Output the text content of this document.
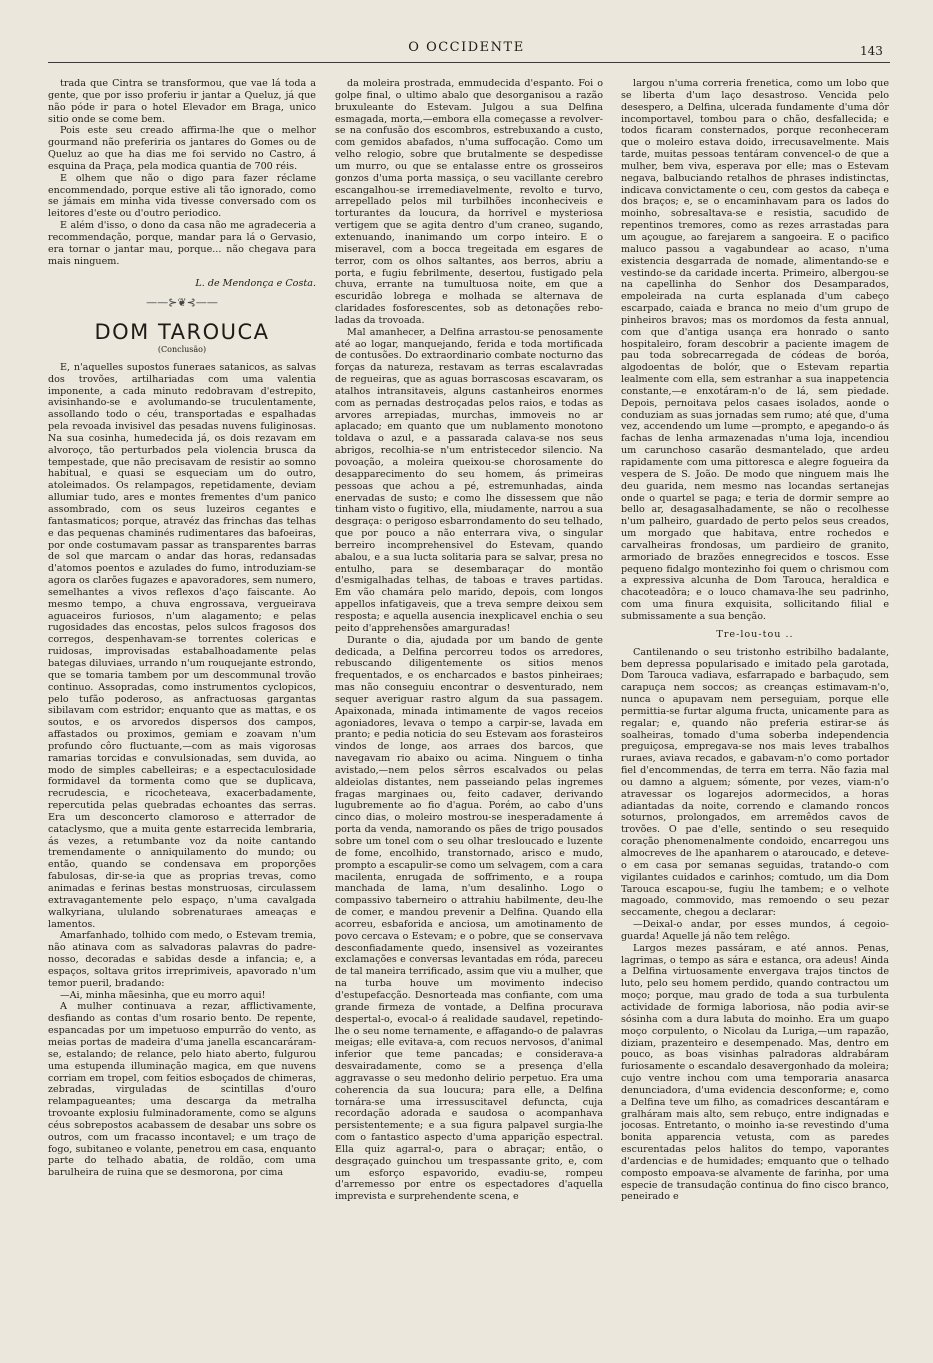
O OCCIDENTE	143

trada que Cintra se transformou, que vae lá toda a gente, que por isso proferiu ir jantar a Queluz, já que não póde ir para o hotel Elevador em Braga, unico sitio onde se come bem.

Pois este seu creado affirma-lhe que o melhor gourmand não preferiria os jantares do Gomes ou de Queluz ao que ha dias me foi servido no Castro, á esquina da Praça, pela modica quantia de 700 réis.

E olhem que não o digo para fazer réclame encommendado, porque estive ali tão ignorado, como se jámais em minha vida tivesse conversado com os leitores d'este ou d'outro periodico.

E além d'isso, o dono da casa não me agradeceria a recommendação, porque, mandar para lá o Gervasio, era tornar o jantar mau, porque... não chegava para mais ninguem.

L. de Mendonça e Costa.

——⊱❦⊰——
DOM TAROUCA
(Conclusão)

E, n'aquelles supostos funeraes satanicos, as salvas dos trovões, artilhariadas com uma valentia imponente, a cada minuto redobravam d'estrepito, avisinhando-se e avolumando-se truculentamente, assollando todo o céu, transportadas e espalhadas pela revoada invisivel das pesadas nuvens fuliginosas. Na sua cosinha, humedecida já, os dois rezavam em alvoroço, tão perturbados pela violencia brusca da tempestade, que não precisavam de resistir ao somno habitual, e quasi se esqueciam um do outro, atoleimados. Os relampagos, repetidamente, deviam allumiar tudo, ares e montes frementes d'um panico assombrado, com os seus luzeiros cegantes e fantasmaticos; porque, atravéz das frinchas das telhas e das pequenas chaminés rudimentares das bafoeiras, por onde costumavam passar as transparentes barras de sol que marcam o andar das horas, redansadas d'atomos poentos e azulades do fumo, introduziam-se agora os clarões fugazes e apavoradores, sem numero, semelhantes a vivos reflexos d'aço faiscante. Ao mesmo tempo, a chuva engrossava, vergueirava aguaceiros furiosos, n'um alagamento; e pelas rugosidades das encostas, pelos sulcos fragosos dos corregos, despenhavam-se torrentes colericas e ruidosas, improvisadas estabalhoadamente pelas bategas diluviaes, urrando n'um rouquejante estrondo, que se tomaria tambem por um descommunal trovão continuo. Assopradas, como instrumentos cyclopicos, pelo tufão poderoso, as anfractuosas gargantas sibilavam com estridor; enquanto que as mattas, e os soutos, e os arvoredos dispersos dos campos, affastados ou proximos, gemiam e zoavam n'um profundo côro fluctuante,—com as mais vigorosas ramarias torcidas e convulsionadas, sem duvida, ao modo de simples cabelleiras; e a espectaculosidade formidavel da tormenta como que se duplicava, recrudescia, e ricocheteava, exacerbadamente, repercutida pelas quebradas echoantes das serras. Era um desconcerto clamoroso e atterrador de cataclysmo, que a muita gente estarrecida lembraria, ás vezes, a retumbante voz da noite cantando tremendamente o anniquilamento do mundo; ou então, quando se condensava em proporções fabulosas, dir-se-ia que as proprias trevas, como animadas e ferinas bestas monstruosas, circulassem extravagantemente pelo espaço, n'uma cavalgada walkyriana, ululando sobrenaturaes ameaças e lamentos.

Amarfanhado, tolhido com medo, o Estevam tremia, não atinava com as salvadoras palavras do padre-nosso, decoradas e sabidas desde a infancia; e, a espaços, soltava gritos irreprimiveis, apavorado n'um temor pueril, bradando:

—Ai, minha mãesinha, que eu morro aqui!

A mulher continuava a rezar, afflictivamente, desfiando as contas d'um rosario bento. De repente, espancadas por um impetuoso empurrão do vento, as meias portas de madeira d'uma janella escancaráram-se, estalando; de relance, pelo hiato aberto, fulgurou uma estupenda illuminação magica, em que nuvens corriam em tropel, com feitios esboçados de chimeras, zebradas, virguladas de scintillas d'ouro relampagueantes; uma descarga da metralha trovoante explosiu fulminadoramente, como se alguns céus sobrepostos acabassem de desabar uns sobre os outros, com um fracasso incontavel; e um traço de fogo, subitaneo e volante, penetrou em casa, enquanto parte do telhado abatia, de roldão, com uma barulheira de ruina que se desmorona, por cima

da moleira prostrada, emmudecida d'espanto. Foi o golpe final, o ultimo abalo que desorganisou a razão bruxuleante do Estevam. Julgou a sua Delfina esmagada, morta,—embora ella começasse a revolver-se na confusão dos escombros, estrebuxando a custo, com gemidos abafados, n'uma suffocação. Como um velho relogio, sobre que brutalmente se despedisse um murro, ou que se entalasse entre os grosseiros gonzos d'uma porta massiça, o seu vacillante cerebro escangalhou-se irremediavelmente, revolto e turvo, arrepellado pelos mil turbilhões inconheciveis e torturantes da loucura, da horrivel e mysteriosa vertigem que se agita dentro d'um craneo, sugando, extenuando, inanimando um corpo inteiro. E o miseravel, com a bocca tregeitada em esgares de terror, com os olhos saltantes, aos berros, abriu a porta, e fugiu febrilmente, desertou, fustigado pela chuva, errante na tumultuosa noite, em que a escuridão lobrega e molhada se alternava de claridades fosforescentes, sob as detonações reboladas da trovoada.

Mal amanhecer, a Delfina arrastou-se penosamente até ao logar, manquejando, ferida e toda mortificada de contusões. Do extraordinario combate nocturno das forças da natureza, restavam as terras escalavradas de regueiras, que as aguas borrascosas escavaram, os atalhos intransitaveis, alguns castanheiros enormes com as pernadas destroçadas pelos raios, e todas as arvores arrepiadas, murchas, immoveis no ar aplacado; em quanto que um nublamento monotono toldava o azul, e a passarada calava-se nos seus abrigos, recolhia-se n'um entristecedor silencio. Na povoação, a moleira queixou-se chorosamente do desapparecimento do seu homem, ás primeiras pessoas que achou a pé, estremunhadas, ainda enervadas de susto; e como lhe dissessem que não tinham visto o fugitivo, ella, miudamente, narrou a sua desgraça: o perigoso esbarrondamento do seu telhado, que por pouco a não enterrara viva, o singular berreiro incomprehensivel do Estevam, quando abalou, e a sua lucta solitaria para se salvar, presa no entulho, para se desembaraçar do montão d'esmigalhadas telhas, de taboas e traves partidas. Em vão chamára pelo marido, depois, com longos appellos infatigaveis, que a treva sempre deixou sem resposta; e aquella ausencia inexplicavel enchia o seu peito d'apprehensões amarguradas!

Durante o dia, ajudada por um bando de gente dedicada, a Delfina percorreu todos os arredores, rebuscando diligentemente os sitios menos frequentados, e os encharcados e bastos pinheiraes; mas não conseguiu encontrar o desventurado, nem sequer averiguar rastro algum da sua passagem. Apaixonada, minada intimamente de vagos receios agoniadores, levava o tempo a carpir-se, lavada em pranto; e pedia noticia do seu Estevam aos forasteiros vindos de longe, aos arraes dos barcos, que navegavam rio abaixo ou acima. Ninguem o tinha avistado,—nem pelos sêrros escalvados ou pelas aldeiolas distantes, nem passeiando pelas ingremes fragas marginaes ou, feito cadaver, derivando lugubremente ao fio d'agua. Porém, ao cabo d'uns cinco dias, o moleiro mostrou-se inesperadamente á porta da venda, namorando os pães de trigo pousados sobre um tonel com o seu olhar tresloucado e luzente de fome, encolhido, transtornado, arisco e mudo, prompto a escapulir-se como um selvagem, com a cara macilenta, enrugada de soffrimento, e a roupa manchada de lama, n'um desalinho. Logo o compassivo taberneiro o attrahiu habilmente, deu-lhe de comer, e mandou prevenir a Delfina. Quando ella acorreu, esbaforida e anciosa, um amotinamento de povo cercava o Estevam; e o pobre, que se conservava desconfiadamente quedo, insensivel as vozeirantes exclamações e conversas levantadas em róda, pareceu de tal maneira terrificado, assim que viu a mulher, que na turba houve um movimento indeciso d'estupefacção. Desnorteada mas confiante, com uma grande firmeza de vontade, a Delfina procurava despertal-o, evocal-o á realidade saudavel, repetindo-lhe o seu nome ternamente, e affagando-o de palavras meigas; elle evitava-a, com recuos nervosos, d'animal inferior que teme pancadas; e considerava-a desvairadamente, como se a presença d'ella aggravasse o seu medonho delirio perpetuo. Era uma coherencia da sua loucura; para elle, a Delfina tornára-se uma irressuscitavel defuncta, cuja recordação adorada e saudosa o acompanhava persistentemente; e a sua figura palpavel surgia-lhe com o fantastico aspecto d'uma apparição espectral. Ella quiz agarral-o, para o abraçar; então, o desgraçado guinchou um trespassante grito, e, com um esforço espavorido, evadiu-se, rompeu d'arremesso por entre os espectadores d'aquella imprevista e surprehendente scena, e

largou n'uma correria frenetica, como um lobo que se liberta d'um laço desastroso. Vencida pelo desespero, a Delfina, ulcerada fundamente d'uma dôr incomportavel, tombou para o chão, desfallecida; e todos ficaram consternados, porque reconheceram que o moleiro estava doido, irrecusavelmente. Mais tarde, muitas pessoas tentáram convencel-o de que a mulher, bem viva, esperava por elle; mas o Estevam negava, balbuciando retalhos de phrases indistinctas, indicava convictamente o ceu, com gestos da cabeça e dos braços; e, se o encaminhavam para os lados do moinho, sobresaltava-se e resistia, sacudido de repentinos tremores, como as rezes arrastadas para um açougue, ao farejarem a sangoeira. E o pacifico maluco passou a vagabundear ao acaso, n'uma existencia desgarrada de nomade, alimentando-se e vestindo-se da caridade incerta. Primeiro, albergou-se na capellinha do Senhor dos Desamparados, empoleirada na curta esplanada d'um cabeço escarpado, caiada e branca no meio d'um grupo de pinheiros bravos; mas os mordomos da festa annual, com que d'antiga usança era honrado o santo hospitaleiro, foram descobrir a paciente imagem de pau toda sobrecarregada de códeas de boróa, algodoentas de bolór, que o Estevam repartia lealmente com ella, sem estranhar a sua inappetencia constante,—e enxotáram-n'o de lá, sem piedade. Depois, pernoitava pelos casaes isolados, aonde o conduziam as suas jornadas sem rumo; até que, d'uma vez, accendendo um lume —prompto, e apegando-o ás fachas de lenha armazenadas n'uma loja, incendiou um carunchoso casarão desmantelado, que ardeu rapidamente com uma pittoresca e alegre fogueira da vespera de S. João. De modo que ninguem mais lhe deu guarida, nem mesmo nas locandas sertanejas onde o quartel se paga; e teria de dormir sempre ao bello ar, desagasalhadamente, se não o recolhesse n'um palheiro, guardado de perto pelos seus creados, um morgado que habitava, entre rochedos e carvalheiras frondosas, um pardieiro de granito, armoriado de brazões ennegrecidos e toscos. Esse pequeno fidalgo montezinho foi quem o chrismou com a expressiva alcunha de Dom Tarouca, heraldica e chacoteadôra; e o louco chamava-lhe seu padrinho, com uma finura exquisita, sollicitando filial e submissamente a sua benção.

Tre-lou-tou ..

Cantilenando o seu tristonho estribilho badalante, bem depressa popularisado e imitado pela garotada, Dom Tarouca vadiava, esfarrapado e barbaçudo, sem carapuça nem soccos; as creanças estimavam-n'o, nunca o apupavam nem perseguiam, porque elle permittia-se furtar alguma fructa, unicamente para as regalar; e, quando não preferia estirar-se ás soalheiras, tomado d'uma soberba independencia preguiçosa, empregava-se nos mais leves trabalhos ruraes, aviava recados, e gabavam-n'o como portador fiel d'encommendas, de terra em terra. Não fazia mal ou damno a alguem; sómente, por vezes, viam-n'o atravessar os logarejos adormecidos, a horas adiantadas da noite, correndo e clamando roncos soturnos, prolongados, em arremêdos cavos de trovões. O pae d'elle, sentindo o seu resequido coração phenomenalmente condoido, encarregou uns almocreves de lhe apanharem o ataroucado, e deteve-o em casa por semanas seguidas, tratando-o com vigilantes cuidados e carinhos; comtudo, um dia Dom Tarouca escapou-se, fugiu lhe tambem; e o velhote magoado, commovido, mas remoendo o seu pezar seccamente, chegou a declarar:

—Deixal-o andar, por esses mundos, á cegoio-guarda! Aquelle já não tem relêgo.

Largos mezes passáram, e até annos. Penas, lagrimas, o tempo as sára e estanca, ora adeus! Ainda a Delfina virtuosamente envergava trajos tinctos de luto, pelo seu homem perdido, quando contractou um moço; porque, mau grado de toda a sua turbulenta actividade de formiga laboriosa, não podia avir-se sósinha com a dura labuta do moinho. Era um guapo moço corpulento, o Nicolau da Luriga,—um rapazão, diziam, prazenteiro e desempenado. Mas, dentro em pouco, as boas visinhas palradoras aldrabáram furiosamente o escandalo desavergonhado da moleira; cujo ventre inchou com uma temporaria anasarca denunciadora, d'uma evidencia desconforme; e, como a Delfina teve um filho, as comadrices descantáram e gralháram mais alto, sem rebuço, entre indignadas e jocosas. Entretanto, o moinho ia-se revestindo d'uma bonita apparencia vetusta, com as paredes escurentadas pelos halitos do tempo, vaporantes d'ardencias e de humidades; emquanto que o telhado composto empoava-se alvamente de farinha, por uma especie de transudação continua do fino cisco branco, peneirado e
